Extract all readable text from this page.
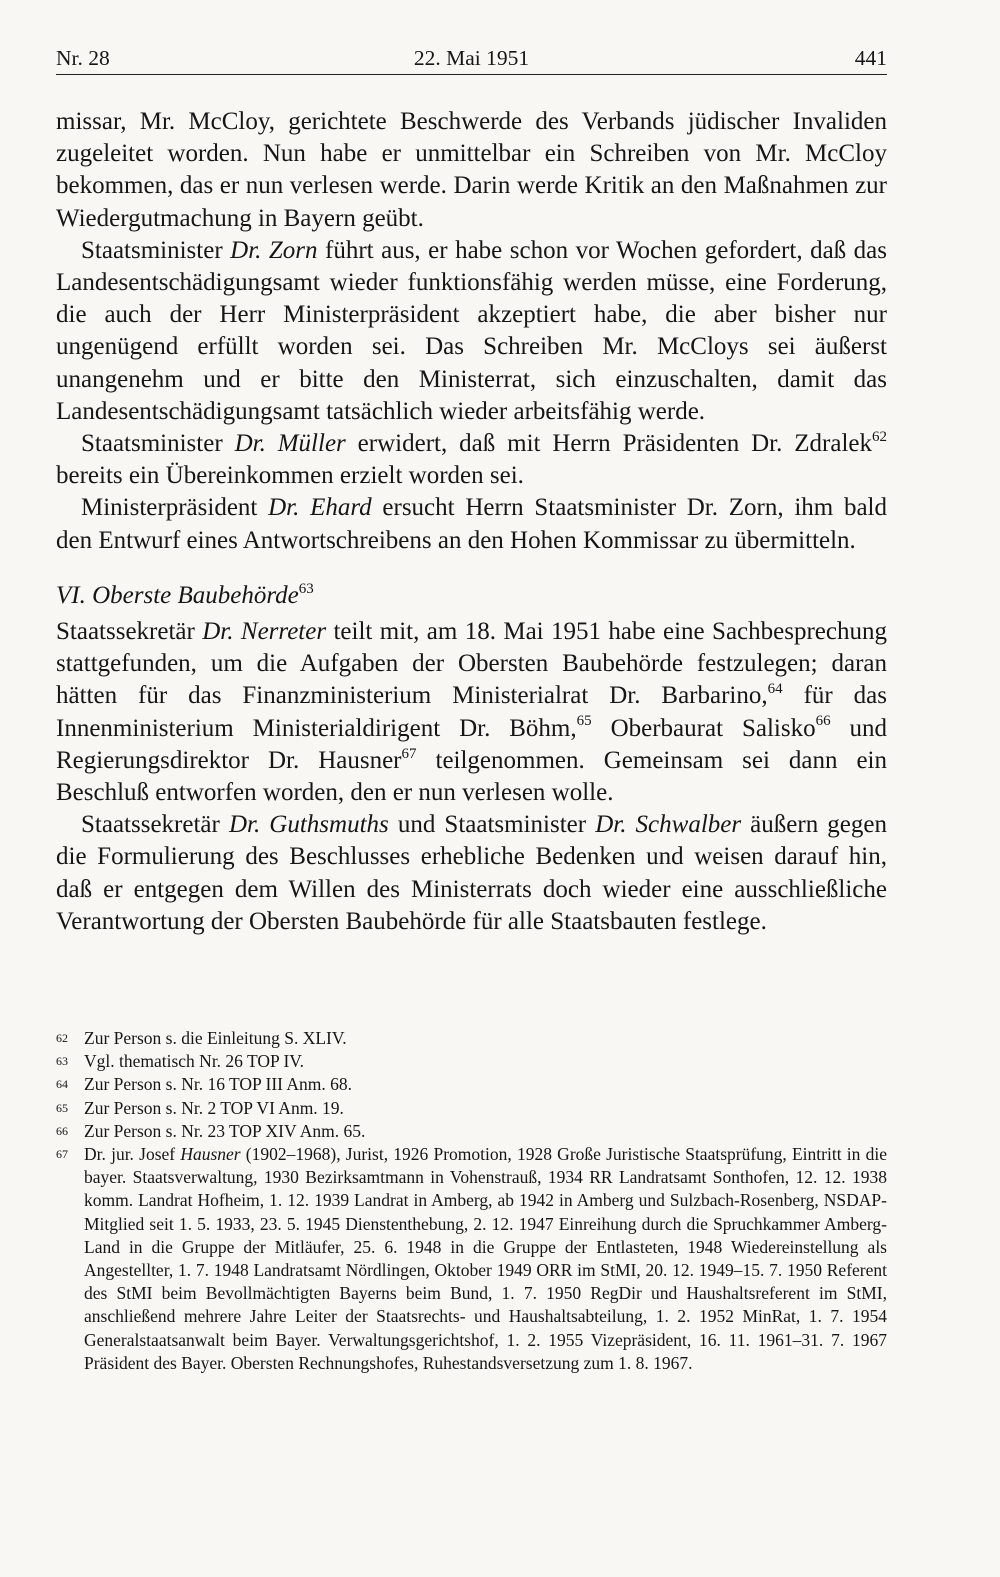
Nr. 28	22. Mai 1951	441

missar, Mr. McCloy, gerichtete Beschwerde des Verbands jüdischer Invaliden zugeleitet worden. Nun habe er unmittelbar ein Schreiben von Mr. McCloy bekommen, das er nun verlesen werde. Darin werde Kritik an den Maßnahmen zur Wiedergutmachung in Bayern geübt.

Staatsminister Dr. Zorn führt aus, er habe schon vor Wochen gefordert, daß das Landesentschädigungsamt wieder funktionsfähig werden müsse, eine Forderung, die auch der Herr Ministerpräsident akzeptiert habe, die aber bisher nur ungenügend erfüllt worden sei. Das Schreiben Mr. McCloys sei äußerst unangenehm und er bitte den Ministerrat, sich einzuschalten, damit das Landesentschädigungsamt tatsächlich wieder arbeitsfähig werde.

Staatsminister Dr. Müller erwidert, daß mit Herrn Präsidenten Dr. Zdralek$^{62}$ bereits ein Übereinkommen erzielt worden sei.

Ministerpräsident Dr. Ehard ersucht Herrn Staatsminister Dr. Zorn, ihm bald den Entwurf eines Antwortschreibens an den Hohen Kommissar zu übermitteln.

VI. Oberste Baubehörde$^{63}$

Staatssekretär Dr. Nerreter teilt mit, am 18. Mai 1951 habe eine Sachbesprechung stattgefunden, um die Aufgaben der Obersten Baubehörde festzulegen; daran hätten für das Finanzministerium Ministerialrat Dr. Barbarino,$^{64}$ für das Innenministerium Ministerialdirigent Dr. Böhm,$^{65}$ Oberbaurat Salisko$^{66}$ und Regierungsdirektor Dr. Hausner$^{67}$ teilgenommen. Gemeinsam sei dann ein Beschluß entworfen worden, den er nun verlesen wolle.

Staatssekretär Dr. Guthsmuths und Staatsminister Dr. Schwalber äußern gegen die Formulierung des Beschlusses erhebliche Bedenken und weisen darauf hin, daß er entgegen dem Willen des Ministerrats doch wieder eine ausschließliche Verantwortung der Obersten Baubehörde für alle Staatsbauten festlege.

62 Zur Person s. die Einleitung S. XLIV.
63 Vgl. thematisch Nr. 26 TOP IV.
64 Zur Person s. Nr. 16 TOP III Anm. 68.
65 Zur Person s. Nr. 2 TOP VI Anm. 19.
66 Zur Person s. Nr. 23 TOP XIV Anm. 65.
67 Dr. jur. Josef Hausner (1902–1968), Jurist, 1926 Promotion, 1928 Große Juristische Staatsprüfung, Eintritt in die bayer. Staatsverwaltung, 1930 Bezirksamtmann in Vohenstrauß, 1934 RR Landratsamt Sonthofen, 12. 12. 1938 komm. Landrat Hofheim, 1. 12. 1939 Landrat in Amberg, ab 1942 in Amberg und Sulzbach-Rosenberg, NSDAP-Mitglied seit 1. 5. 1933, 23. 5. 1945 Dienstenthebung, 2. 12. 1947 Einreihung durch die Spruchkammer Amberg-Land in die Gruppe der Mitläufer, 25. 6. 1948 in die Gruppe der Entlasteten, 1948 Wiedereinstellung als Angestellter, 1. 7. 1948 Landratsamt Nördlingen, Oktober 1949 ORR im StMI, 20. 12. 1949–15. 7. 1950 Referent des StMI beim Bevollmächtigten Bayerns beim Bund, 1. 7. 1950 RegDir und Haushaltsreferent im StMI, anschließend mehrere Jahre Leiter der Staatsrechts- und Haushaltsabteilung, 1. 2. 1952 MinRat, 1. 7. 1954 Generalstaatsanwalt beim Bayer. Verwaltungsgerichtshof, 1. 2. 1955 Vizepräsident, 16. 11. 1961–31. 7. 1967 Präsident des Bayer. Obersten Rechnungshofes, Ruhestandsversetzung zum 1. 8. 1967.
